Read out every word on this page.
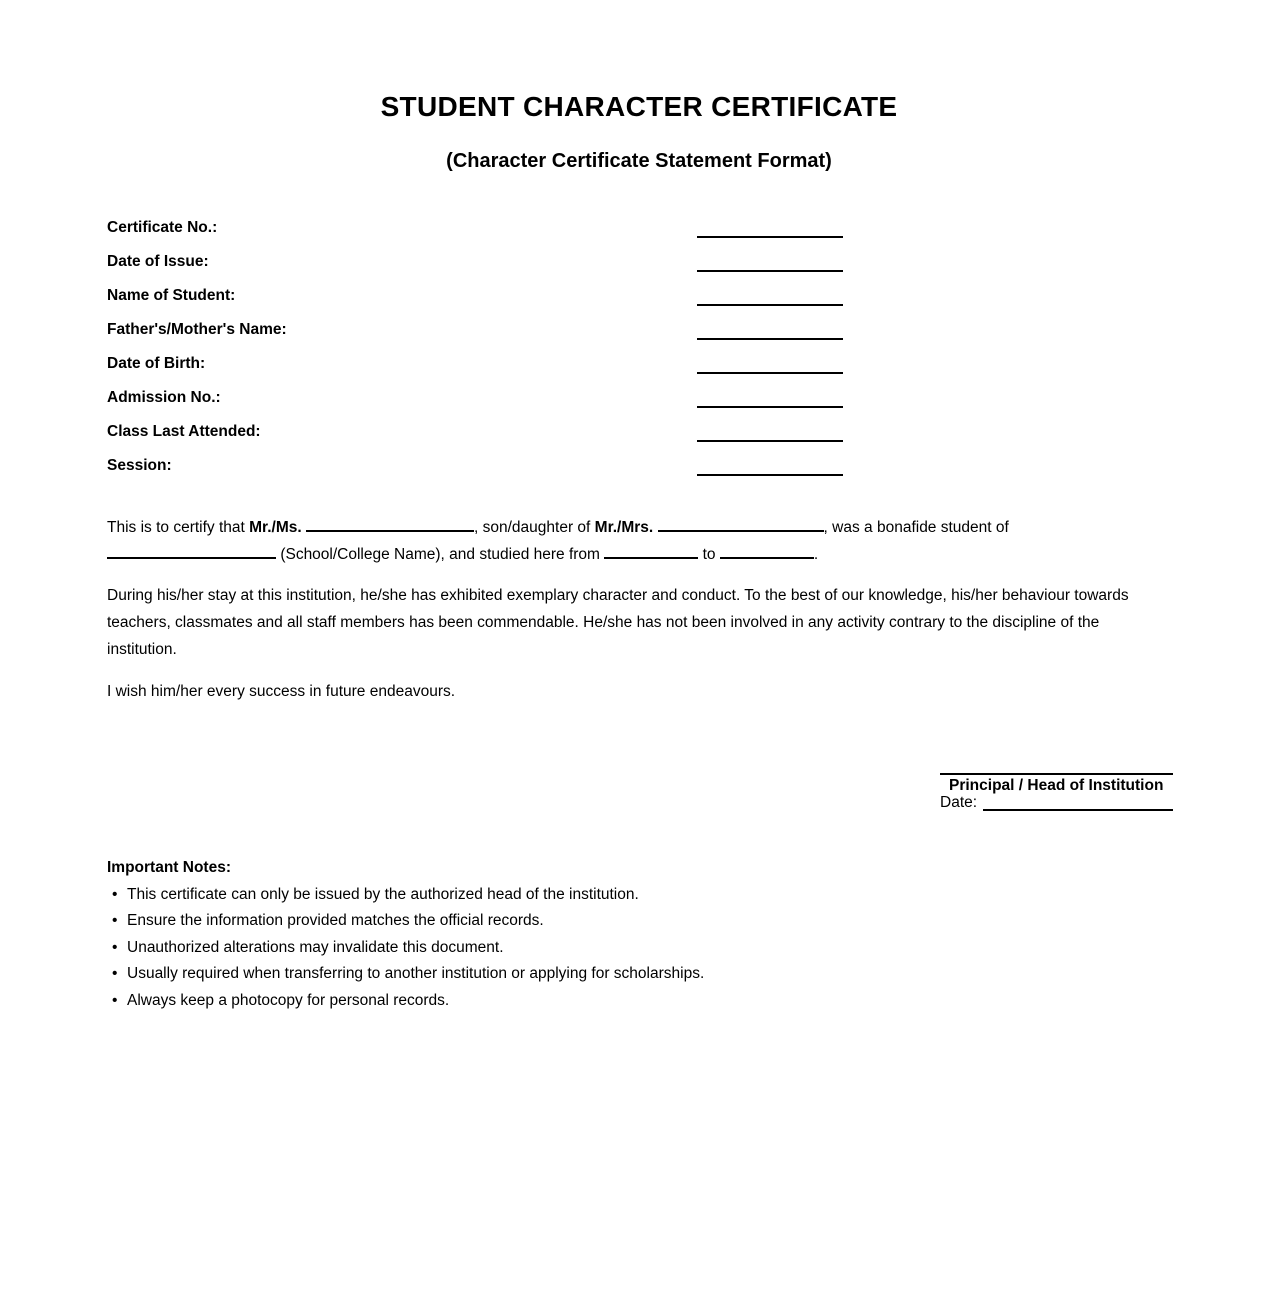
STUDENT CHARACTER CERTIFICATE
(Character Certificate Statement Format)
Certificate No.:
Date of Issue:
Name of Student:
Father's/Mother's Name:
Date of Birth:
Admission No.:
Class Last Attended:
Session:

This is to certify that Mr./Ms.	, son/daughter of Mr./Mrs.	, was a bonafide student of  (School/College Name), and studied here from	to	.

During his/her stay at this institution, he/she has exhibited exemplary character and conduct. To the best of our knowledge, his/her behaviour towards teachers, classmates and all staff members has been commendable. He/she has not been involved in any activity contrary to the discipline of the institution.

I wish him/her every success in future endeavours.

Principal / Head of Institution
Date:

Important Notes:

• This certificate can only be issued by the authorized head of the institution.
• Ensure the information provided matches the official records.
• Unauthorized alterations may invalidate this document.
• Usually required when transferring to another institution or applying for scholarships.
• Always keep a photocopy for personal records.
